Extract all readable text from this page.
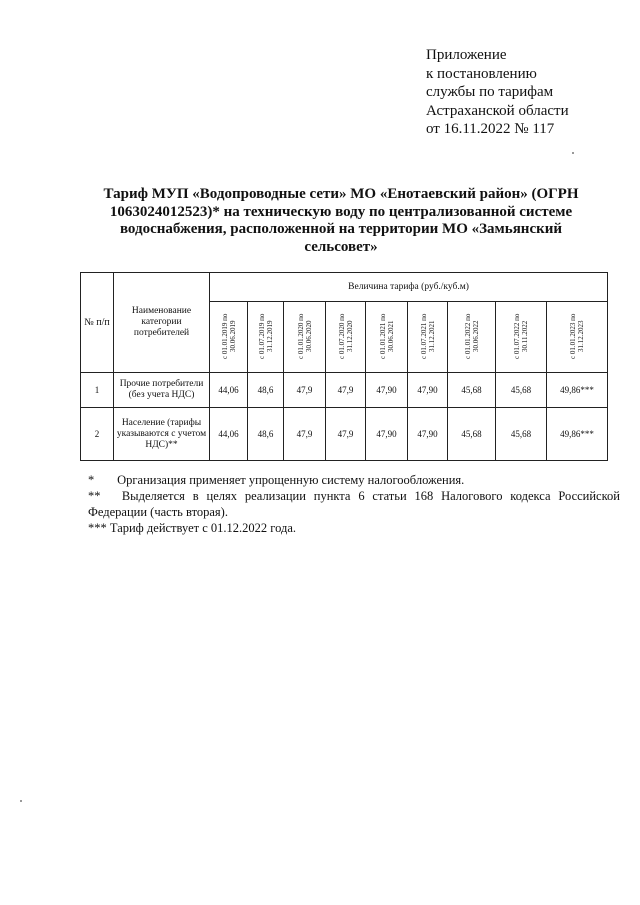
Приложение
к постановлению
службы по тарифам
Астраханской области
от 16.11.2022 № 117
Тариф МУП «Водопроводные сети» МО «Енотаевский район» (ОГРН 1063024012523)* на техническую воду по централизованной системе водоснабжения, расположенной на территории МО «Замьянский сельсовет»
№ п/п	Наименование категории потребителей	Величина тарифа (руб./куб.м)								
		с 01.01.2019 по 30.06.2019	с 01.07.2019 по 31.12.2019	с 01.01.2020 по 30.06.2020	с 01.07.2020 по 31.12.2020	с 01.01.2021 по 30.06.2021	с 01.07.2021 по 31.12.2021	с 01.01.2022 по 30.06.2022	с 01.07.2022 по 30.11.2022	с 01.01.2023 по 31.12.2023
1	Прочие потребители (без учета НДС)	44,06	48,6	47,9	47,9	47,90	47,90	45,68	45,68	49,86***
2	Население (тарифы указываются с учетом НДС)**	44,06	48,6	47,9	47,9	47,90	47,90	45,68	45,68	49,86***
* Организация применяет упрощенную систему налогообложения.
** Выделяется в целях реализации пункта 6 статьи 168 Налогового кодекса Российской Федерации (часть вторая).
*** Тариф действует с 01.12.2022 года.
